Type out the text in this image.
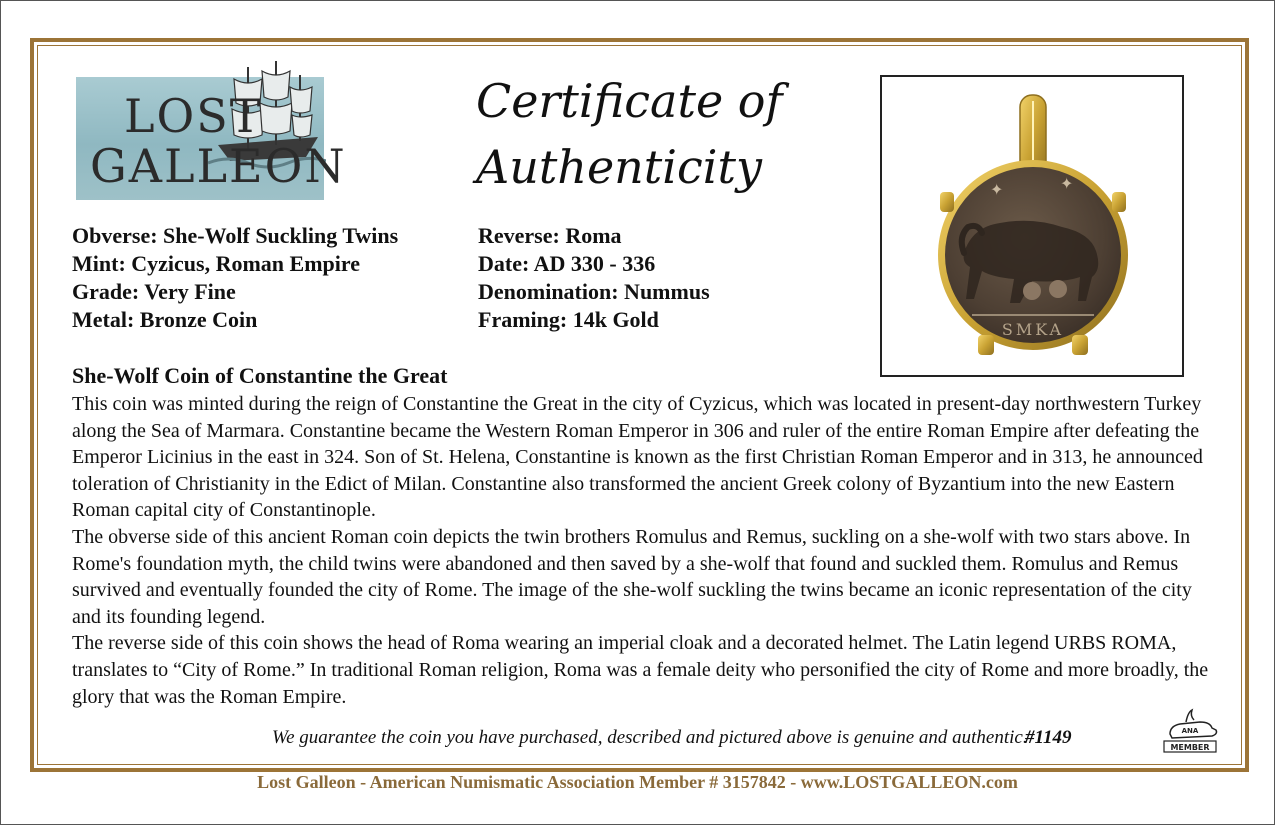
LOST
GALLEON
Certificate of
Authenticity	✦	✦
SMKA
Obverse: She-Wolf Suckling Twins
Mint: Cyzicus, Roman Empire
Grade: Very Fine
Metal: Bronze Coin
Reverse: Roma
Date: AD 330 - 336
Denomination: Nummus
Framing: 14k Gold
She-Wolf Coin of Constantine the Great

This coin was minted during the reign of Constantine the Great in the city of Cyzicus, which was located in present-day northwestern Turkey along the Sea of Marmara. Constantine became the Western Roman Emperor in 306 and ruler of the entire Roman Empire after defeating the Emperor Licinius in the east in 324. Son of St. Helena, Constantine is known as the first Christian Roman Emperor and in 313, he announced toleration of Christianity in the Edict of Milan. Constantine also transformed the ancient Greek colony of Byzantium into the new Eastern Roman capital city of Constantinople.

The obverse side of this ancient Roman coin depicts the twin brothers Romulus and Remus, suckling on a she-wolf with two stars above. In Rome's foundation myth, the child twins were abandoned and then saved by a she-wolf that found and suckled them. Romulus and Remus survived and eventually founded the city of Rome. The image of the she-wolf suckling the twins became an iconic representation of the city and its founding legend.

The reverse side of this coin shows the head of Roma wearing an imperial cloak and a decorated helmet. The Latin legend URBS ROMA, translates to “City of Rome.” In traditional Roman religion, Roma was a female deity who personified the city of Rome and more broadly, the glory that was the Roman Empire.

We guarantee the coin you have purchased, described and pictured above is genuine and authentic.
#1149	ANA
MEMBER
Lost Galleon - American Numismatic Association Member # 3157842 - www.LOSTGALLEON.com
